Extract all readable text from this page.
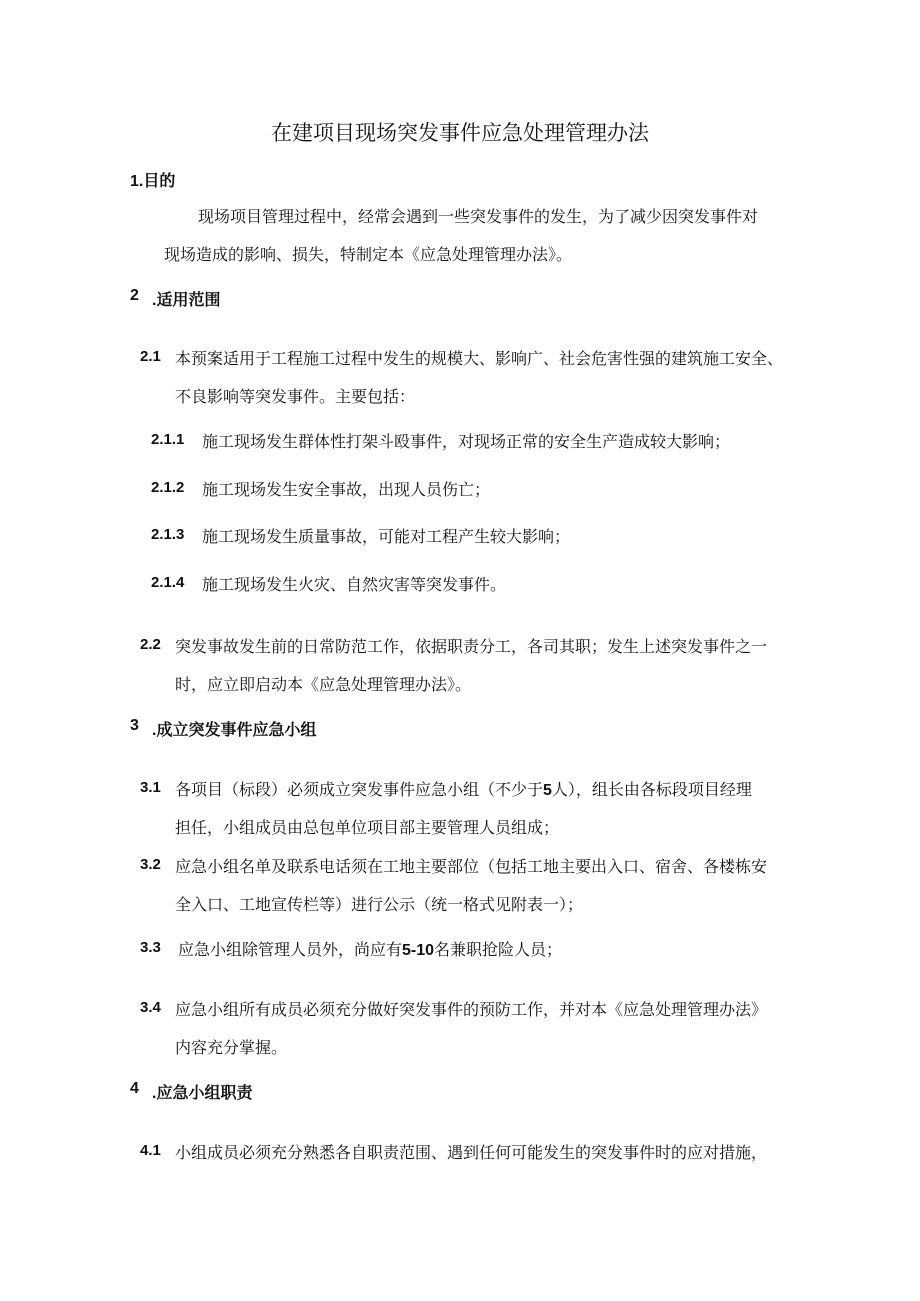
在建项目现场突发事件应急处理管理办法
1.目的
现场项目管理过程中，经常会遇到一些突发事件的发生，为了减少因突发事件对
现场造成的影响、损失，特制定本《应急处理管理办法》。
2 .适用范围
2.1 本预案适用于工程施工过程中发生的规模大、影响广、社会危害性强的建筑施工安全、
不良影响等突发事件。主要包括：
2.1.1 施工现场发生群体性打架斗殴事件，对现场正常的安全生产造成较大影响；
2.1.2 施工现场发生安全事故，出现人员伤亡；
2.1.3 施工现场发生质量事故，可能对工程产生较大影响；
2.1.4 施工现场发生火灾、自然灾害等突发事件。
2.2 突发事故发生前的日常防范工作，依据职责分工，各司其职；发生上述突发事件之一
时，应立即启动本《应急处理管理办法》。
3 .成立突发事件应急小组
3.1 各项目（标段）必须成立突发事件应急小组（不少于5人），组长由各标段项目经理
担任，小组成员由总包单位项目部主要管理人员组成；
3.2 应急小组名单及联系电话须在工地主要部位（包括工地主要出入口、宿舍、各楼栋安
全入口、工地宣传栏等）进行公示（统一格式见附表一）；
3.3 应急小组除管理人员外，尚应有5-10名兼职抢险人员；
3.4 应急小组所有成员必须充分做好突发事件的预防工作，并对本《应急处理管理办法》
内容充分掌握。
4 .应急小组职责
4.1 小组成员必须充分熟悉各自职责范围、遇到任何可能发生的突发事件时的应对措施，
